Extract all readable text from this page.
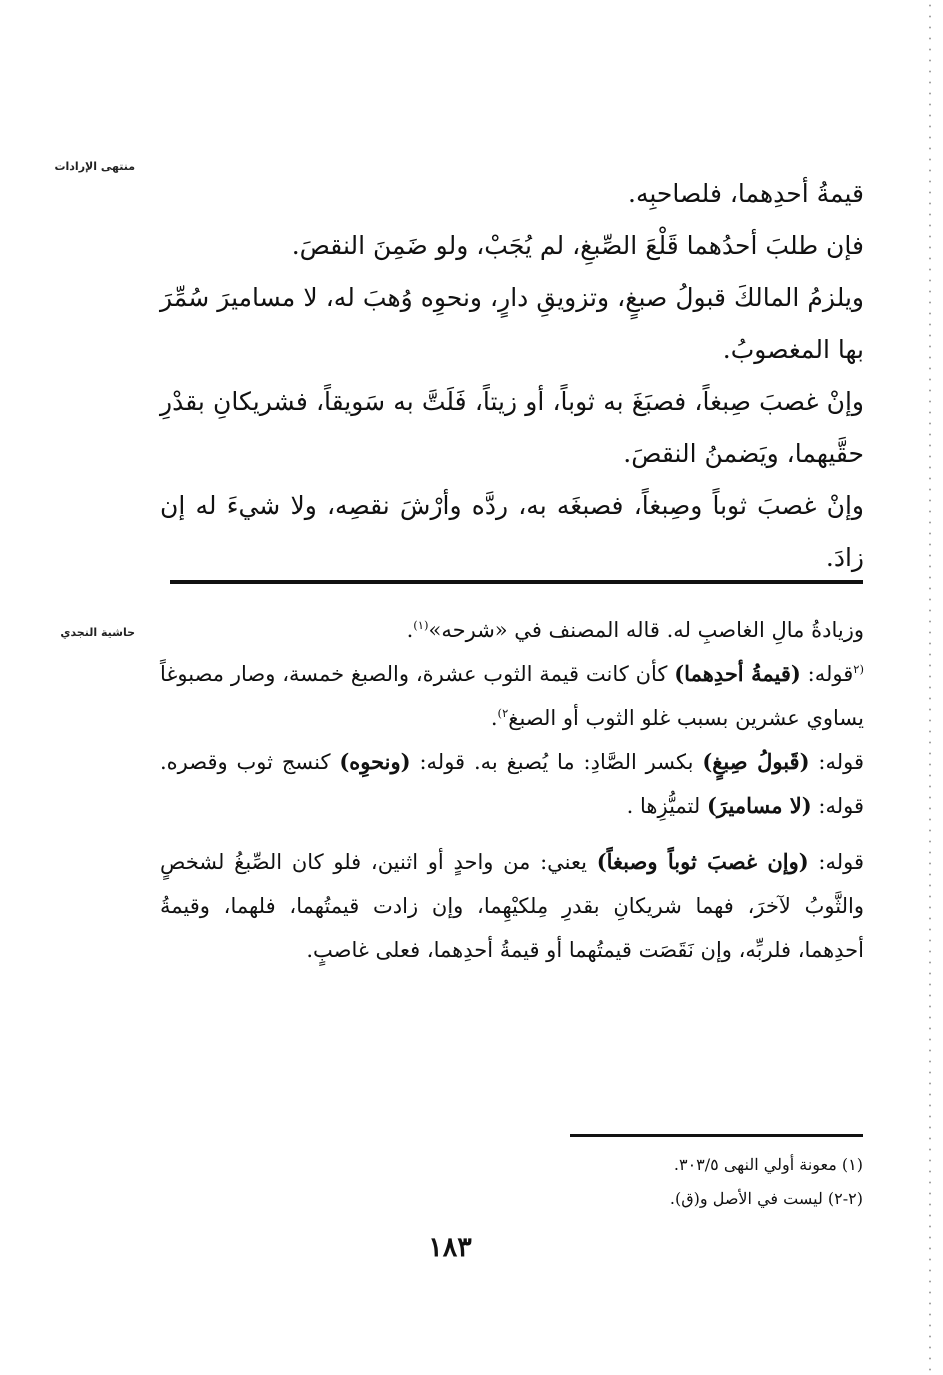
منتهى الإرادات
حاشية النجدي

قيمةُ أحدِهما، فلصاحبِه.

فإن طلبَ أحدُهما قَلْعَ الصِّبغِ، لم يُجَبْ، ولو ضَمِنَ النقصَ.

ويلزمُ المالكَ قبولُ صبغٍ، وتزويقِ دارٍ، ونحوِه وُهبَ له، لا مساميرَ سُمِّرَ بها المغصوبُ.

وإنْ غصبَ صِبغاً، فصبَغَ به ثوباً، أو زيتاً، فَلَتَّ به سَويقاً، فشريكانِ بقدْرِ حقَّيهما، ويَضمنُ النقصَ.

وإنْ غصبَ ثوباً وصِبغاً، فصبغَه به، ردَّه وأرْشَ نقصِه، ولا شيءَ له إن زادَ.

وزيادةُ مالِ الغاصبِ له. قاله المصنف في «شرحه»$^{(١)}$.

$^{(٢}$قوله: (قيمةُ أحدِهما) كأن كانت قيمة الثوب عشرة، والصبغ خمسة، وصار مصبوغاً يساوي عشرين بسبب غلو الثوب أو الصبغ$^{٢)}$.

قوله: (قَبولُ صِبغٍ) بكسر الصَّادِ: ما يُصبغ به. قوله: (ونحوِه) كنسج ثوب وقصره. قوله: (لا مساميرَ) لتميُّزِها .

قوله: (وإن غصبَ ثوباً وصبغاً) يعني: من واحدٍ أو اثنين، فلو كان الصِّبغُ لشخصٍ والثَّوبُ لآخرَ، فهما شريكانِ بقدرِ مِلكيْهِما، وإن زادت قيمتُهما، فلهما، وقيمةُ أحدِهما، فلربِّه، وإن نَقَصَت قيمتُهما أو قيمةُ أحدِهما، فعلى غاصبٍ.

(١) معونة أولي النهى ٣٠٣/٥.

(٢-٢) ليست في الأصل و(ق).

١٨٣
